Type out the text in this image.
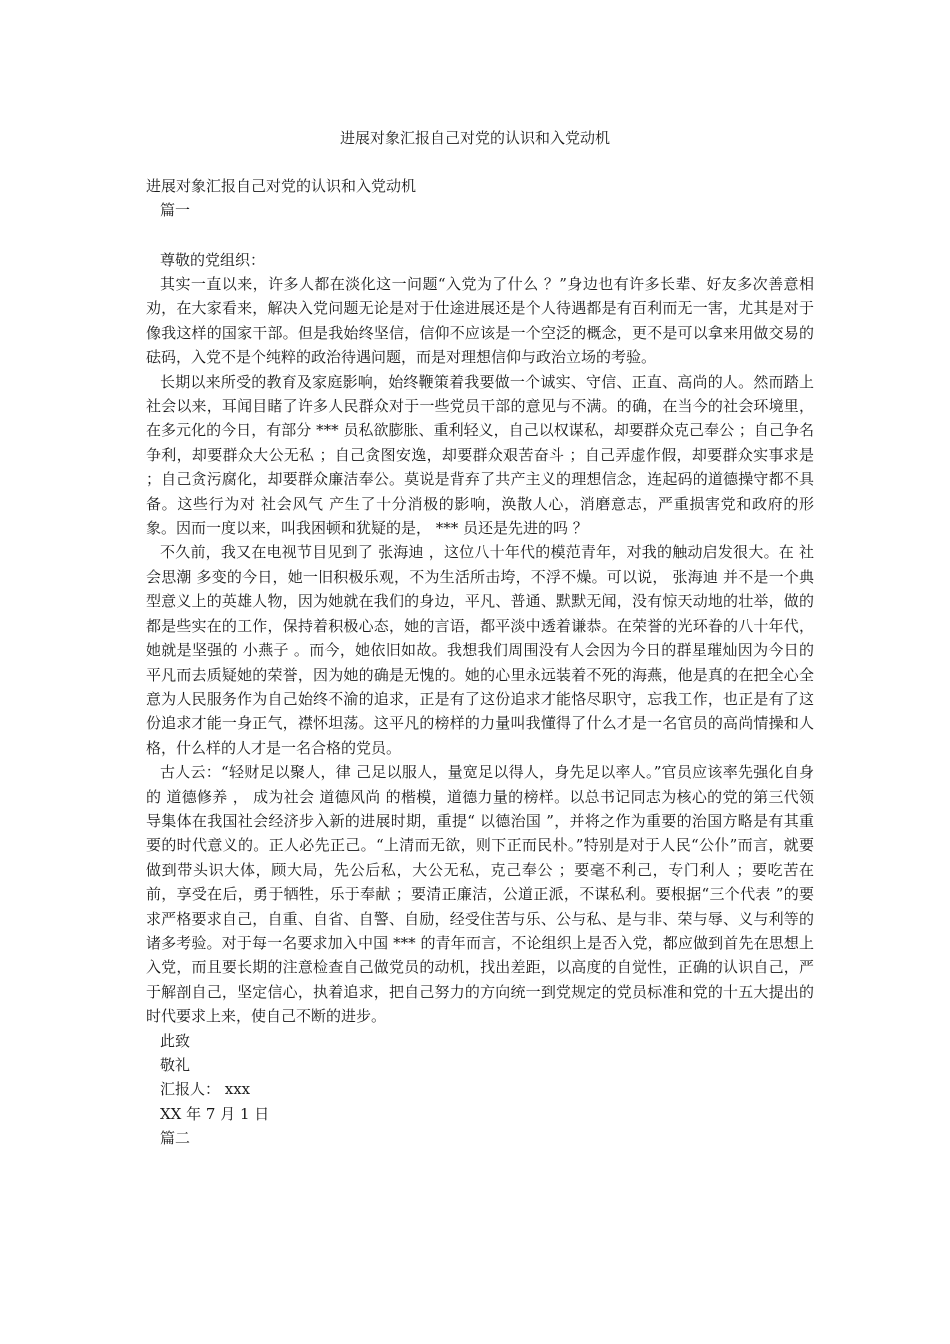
进展对象汇报自己对党的认识和入党动机

进展对象汇报自己对党的认识和入党动机

篇一

尊敬的党组织：

其实一直以来，许多人都在淡化这一问题“入党为了什么 ？”身边也有许多长辈、好友多次善意相劝，在大家看来，解决入党问题无论是对于仕途进展还是个人待遇都是有百利而无一害，尤其是对于像我这样的国家干部。但是我始终坚信，信仰不应该是一个空泛的概念，更不是可以拿来用做交易的砝码，入党不是个纯粹的政治待遇问题，而是对理想信仰与政治立场的考验。

长期以来所受的教育及家庭影响，始终鞭策着我要做一个诚实、守信、正直、高尚的人。然而踏上社会以来，耳闻目睹了许多人民群众对于一些党员干部的意见与不满。的确，在当今的社会环境里，在多元化的今日，有部分 *** 员私欲膨胀、重利轻义，自己以权谋私，却要群众克己奉公 ；自己争名争利，却要群众大公无私 ；自己贪图安逸，却要群众艰苦奋斗 ；自己弄虚作假，却要群众实事求是 ；自己贪污腐化，却要群众廉洁奉公。莫说是背弃了共产主义的理想信念，连起码的道德操守都不具备。这些行为对 社会风气 产生了十分消极的影响，涣散人心，消磨意志，严重损害党和政府的形象。因而一度以来，叫我困顿和犹疑的是， *** 员还是先进的吗 ？

不久前，我又在电视节目见到了 张海迪 ，这位八十年代的模范青年，对我的触动启发很大。在 社会思潮 多变的今日，她一旧积极乐观，不为生活所击垮，不浮不燥。可以说， 张海迪 并不是一个典型意义上的英雄人物，因为她就在我们的身边，平凡、普通、默默无闻，没有惊天动地的壮举，做的都是些实在的工作，保持着积极心态，她的言语，都平淡中透着谦恭。在荣誉的光环眷的八十年代，她就是坚强的 小燕子 。而今，她依旧如故。我想我们周围没有人会因为今日的群星璀灿因为今日的平凡而去质疑她的荣誉，因为她的确是无愧的。她的心里永远装着不死的海燕，他是真的在把全心全意为人民服务作为自己始终不渝的追求，正是有了这份追求才能恪尽职守，忘我工作，也正是有了这份追求才能一身正气，襟怀坦荡。这平凡的榜样的力量叫我懂得了什么才是一名官员的高尚情操和人格，什么样的人才是一名合格的党员。

古人云：“轻财足以聚人，律 己足以服人，量宽足以得人，身先足以率人。”官员应该率先强化自身的 道德修养 ， 成为社会 道德风尚 的楷模，道德力量的榜样。以总书记同志为核心的党的第三代领导集体在我国社会经济步入新的进展时期，重提“ 以德治国 ”，并将之作为重要的治国方略是有其重要的时代意义的。正人必先正己。“上清而无欲，则下正而民朴。”特别是对于人民“公仆”而言，就要做到带头识大体，顾大局，先公后私，大公无私，克己奉公 ；要毫不利己，专门利人 ；要吃苦在前，享受在后，勇于牺牲，乐于奉献 ；要清正廉洁，公道正派，不谋私利。要根据“三个代表 ”的要求严格要求自己，自重、自省、自警、自励，经受住苦与乐、公与私、是与非、荣与辱、义与利等的诸多考验。对于每一名要求加入中国 *** 的青年而言，不论组织上是否入党，都应做到首先在思想上入党，而且要长期的注意检查自己做党员的动机，找出差距，以高度的自觉性，正确的认识自己，严于解剖自己，坚定信心，执着追求，把自己努力的方向统一到党规定的党员标准和党的十五大提出的时代要求上来，使自己不断的进步。

此致

敬礼

汇报人： xxx

XX 年 7 月 1 日

篇二
